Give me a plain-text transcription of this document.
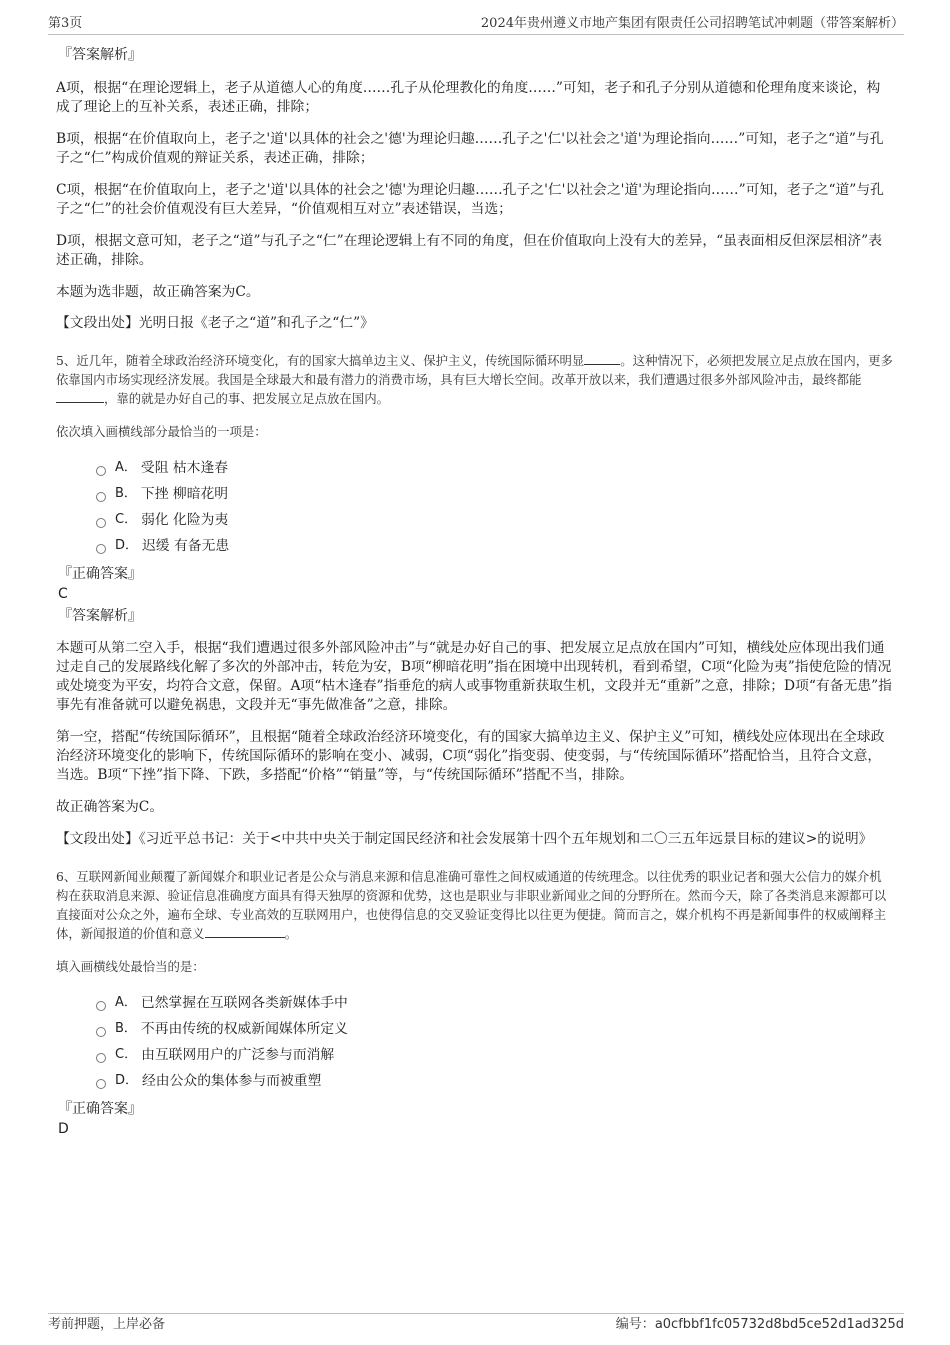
第3页	2024年贵州遵义市地产集团有限责任公司招聘笔试冲刺题（带答案解析）
『答案解析』

A项，根据“在理论逻辑上，老子从道德人心的角度……孔子从伦理教化的角度……”可知，老子和孔子分别从道德和伦理角度来谈论，构成了理论上的互补关系，表述正确，排除；

B项，根据“在价值取向上，老子之'道'以具体的社会之'德'为理论归趣……孔子之'仁'以社会之'道'为理论指向……”可知，老子之“道”与孔子之“仁”构成价值观的辩证关系，表述正确，排除；

C项，根据“在价值取向上，老子之'道'以具体的社会之'德'为理论归趣……孔子之'仁'以社会之'道'为理论指向……”可知，老子之“道”与孔子之“仁”的社会价值观没有巨大差异，“价值观相互对立”表述错误，当选；

D项，根据文意可知，老子之“道”与孔子之“仁”在理论逻辑上有不同的角度，但在价值取向上没有大的差异，“虽表面相反但深层相济”表述正确，排除。

本题为选非题，故正确答案为C。

【文段出处】光明日报《老子之“道”和孔子之“仁”》

5、近几年，随着全球政治经济环境变化，有的国家大搞单边主义、保护主义，传统国际循环明显	。这种情况下，必须把发展立足点放在国内，更多依靠国内市场实现经济发展。我国是全球最大和最有潜力的消费市场，具有巨大增长空间。改革开放以来，我们遭遇过很多外部风险冲击，最终都能，靠的就是办好自己的事、把发展立足点放在国内。

依次填入画横线部分最恰当的一项是：

A． 受阻 枯木逢春
B． 下挫 柳暗花明
C． 弱化 化险为夷
D． 迟缓 有备无患
『正确答案』
C
『答案解析』

本题可从第二空入手，根据“我们遭遇过很多外部风险冲击”与“就是办好自己的事、把发展立足点放在国内”可知，横线处应体现出我们通过走自己的发展路线化解了多次的外部冲击，转危为安，B项“柳暗花明”指在困境中出现转机，看到希望，C项“化险为夷”指使危险的情况或处境变为平安，均符合文意，保留。A项“枯木逢春”指垂危的病人或事物重新获取生机，文段并无“重新”之意，排除；D项“有备无患”指事先有准备就可以避免祸患，文段并无“事先做准备”之意，排除。

第一空，搭配“传统国际循环”，且根据“随着全球政治经济环境变化，有的国家大搞单边主义、保护主义”可知，横线处应体现出在全球政治经济环境变化的影响下，传统国际循环的影响在变小、减弱，C项“弱化”指变弱、使变弱，与“传统国际循环”搭配恰当，且符合文意，当选。B项“下挫”指下降、下跌，多搭配“价格”“销量”等，与“传统国际循环”搭配不当，排除。

故正确答案为C。

【文段出处】《习近平总书记：关于<中共中央关于制定国民经济和社会发展第十四个五年规划和二〇三五年远景目标的建议>的说明》

6、互联网新闻业颠覆了新闻媒介和职业记者是公众与消息来源和信息准确可靠性之间权威通道的传统理念。以往优秀的职业记者和强大公信力的媒介机构在获取消息来源、验证信息准确度方面具有得天独厚的资源和优势，这也是职业与非职业新闻业之间的分野所在。然而今天，除了各类消息来源都可以直接面对公众之外，遍布全球、专业高效的互联网用户，也使得信息的交叉验证变得比以往更为便捷。简而言之，媒介机构不再是新闻事件的权威阐释主体，新闻报道的价值和意义	。

填入画横线处最恰当的是：

A． 已然掌握在互联网各类新媒体手中
B． 不再由传统的权威新闻媒体所定义
C． 由互联网用户的广泛参与而消解
D． 经由公众的集体参与而被重塑
『正确答案』
D
考前押题，上岸必备	编号：a0cfbbf1fc05732d8bd5ce52d1ad325d
